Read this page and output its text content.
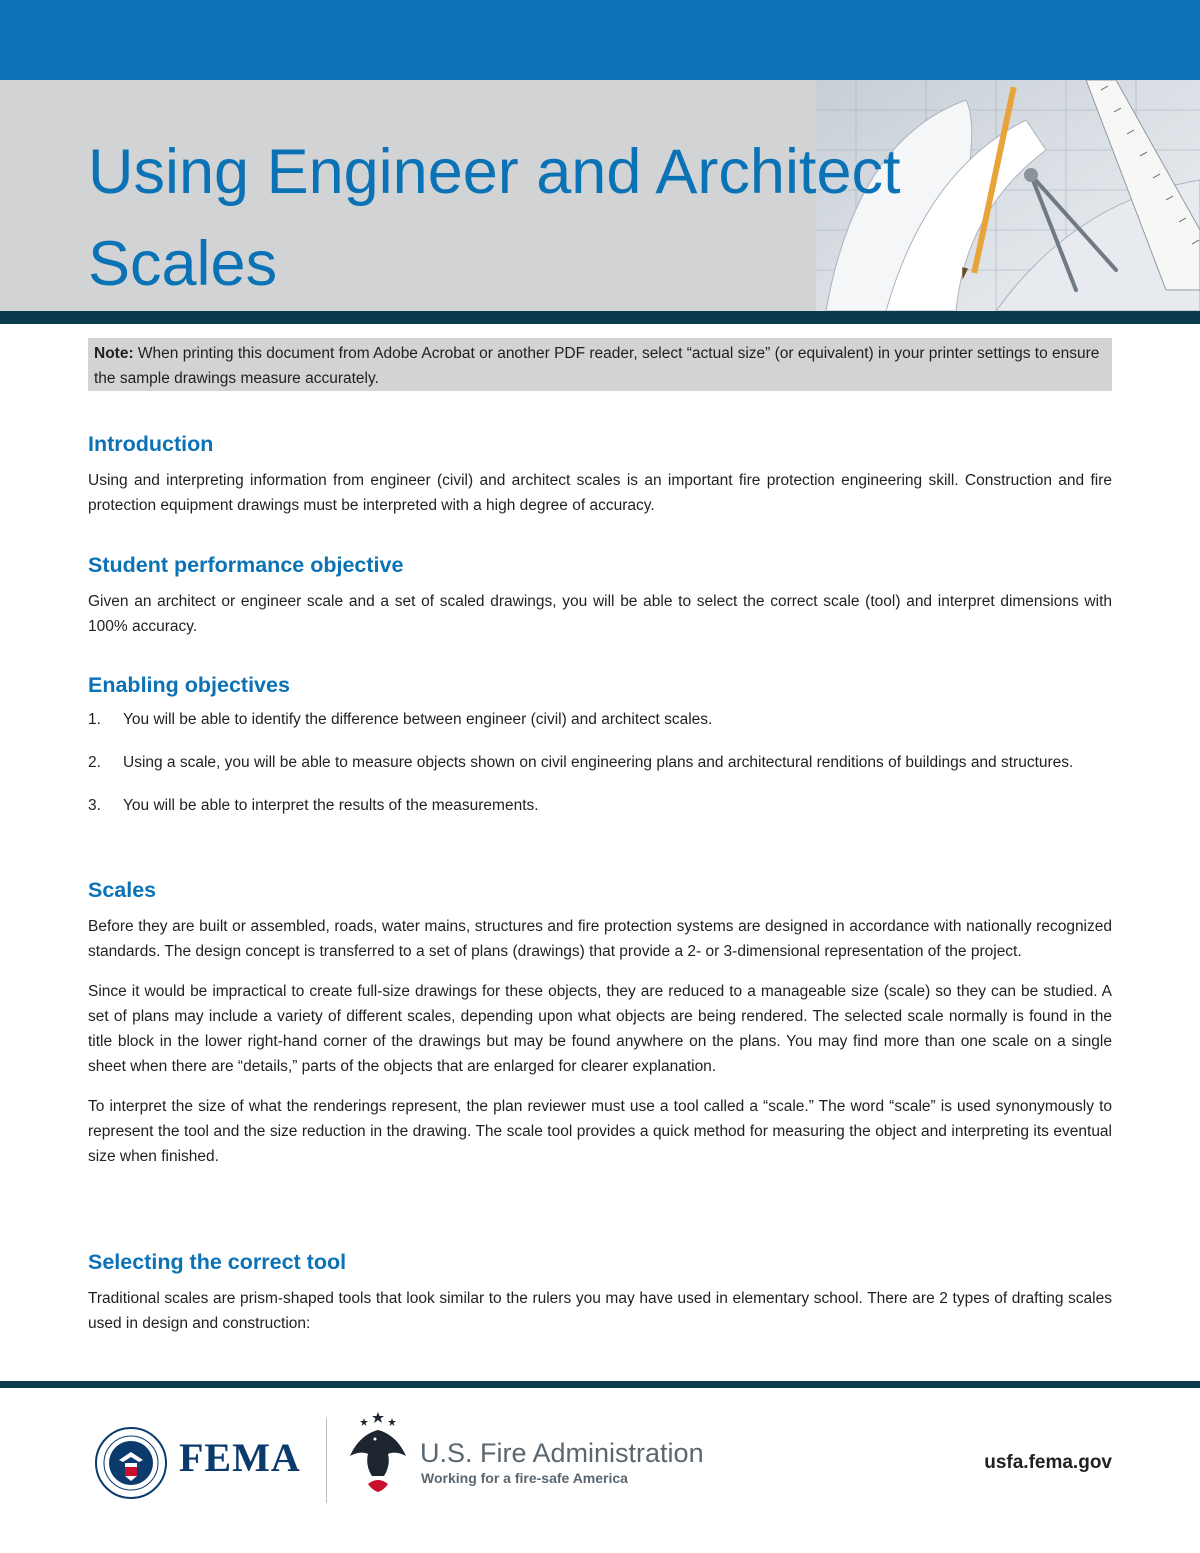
Using Engineer and Architect
Scales
Note: When printing this document from Adobe Acrobat or another PDF reader, select “actual size” (or equivalent) in your printer settings to ensure the sample drawings measure accurately.
Introduction

Using and interpreting information from engineer (civil) and architect scales is an important fire protection engineering skill. Construction and fire protection equipment drawings must be interpreted with a high degree of accuracy.

Student performance objective

Given an architect or engineer scale and a set of scaled drawings, you will be able to select the correct scale (tool) and interpret dimensions with 100% accuracy.

Enabling objectives
1. You will be able to identify the difference between engineer (civil) and architect scales.
2. Using a scale, you will be able to measure objects shown on civil engineering plans and architectural renditions of buildings and structures.
3. You will be able to interpret the results of the measurements.
Scales

Before they are built or assembled, roads, water mains, structures and fire protection systems are designed in accordance with nationally recognized standards. The design concept is transferred to a set of plans (drawings) that provide a 2- or 3-dimensional representation of the project.

Since it would be impractical to create full-size drawings for these objects, they are reduced to a manageable size (scale) so they can be studied. A set of plans may include a variety of different scales, depending upon what objects are being rendered. The selected scale normally is found in the title block in the lower right-hand corner of the drawings but may be found anywhere on the plans. You may find more than one scale on a single sheet when there are “details,” parts of the objects that are enlarged for clearer explanation.

To interpret the size of what the renderings represent, the plan reviewer must use a tool called a “scale.” The word “scale” is used synonymously to represent the tool and the size reduction in the drawing. The scale tool provides a quick method for measuring the object and interpreting its eventual size when finished.

Selecting the correct tool

Traditional scales are prism-shaped tools that look similar to the rulers you may have used in elementary school. There are 2 types of drafting scales used in design and construction:

FEMA	U.S. Fire Administration
Working for a fire-safe America
usfa.fema.gov
